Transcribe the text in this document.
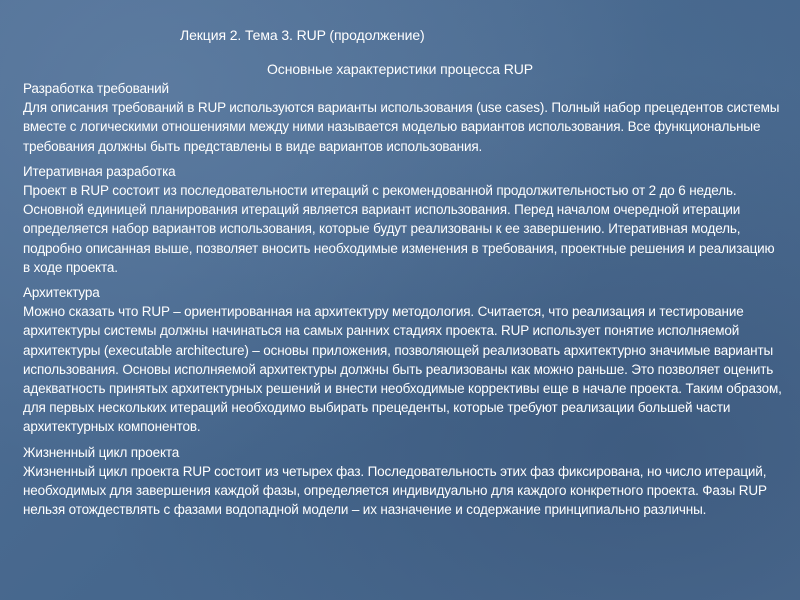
Лекция 2. Тема 3. RUP (продолжение)
Основные характеристики процесса RUP
Разработка требований

Для описания требований в RUP используются варианты использования (use cases). Полный набор прецедентов системы вместе с логическими отношениями между ними называется моделью вариантов использования. Все функциональные требования должны быть представлены в виде вариантов использования.

Итеративная разработка

Проект в RUP состоит из последовательности итераций с рекомендованной продолжительностью от 2 до 6 недель. Основной единицей планирования итераций является вариант использования. Перед началом очередной итерации определяется набор вариантов использования, которые будут реализованы к ее завершению. Итеративная модель, подробно описанная выше, позволяет вносить необходимые изменения в требования, проектные решения и реализацию в ходе проекта.

Архитектура

Можно сказать что RUP – ориентированная на архитектуру методология. Считается, что реализация и тестирование архитектуры системы должны начинаться на самых ранних стадиях проекта. RUP использует понятие исполняемой архитектуры (executable architecture) – основы приложения, позволяющей реализовать архитектурно значимые варианты использования. Основы исполняемой архитектуры должны быть реализованы как можно раньше. Это позволяет оценить адекватность принятых архитектурных решений и внести необходимые коррективы еще в начале проекта. Таким образом, для первых нескольких итераций необходимо выбирать прецеденты, которые требуют реализации большей части архитектурных компонентов.

Жизненный цикл проекта

Жизненный цикл проекта RUP состоит из четырех фаз. Последовательность этих фаз фиксирована, но число итераций, необходимых для завершения каждой фазы, определяется индивидуально для каждого конкретного проекта. Фазы RUP нельзя отождествлять с фазами водопадной модели – их назначение и содержание принципиально различны.
